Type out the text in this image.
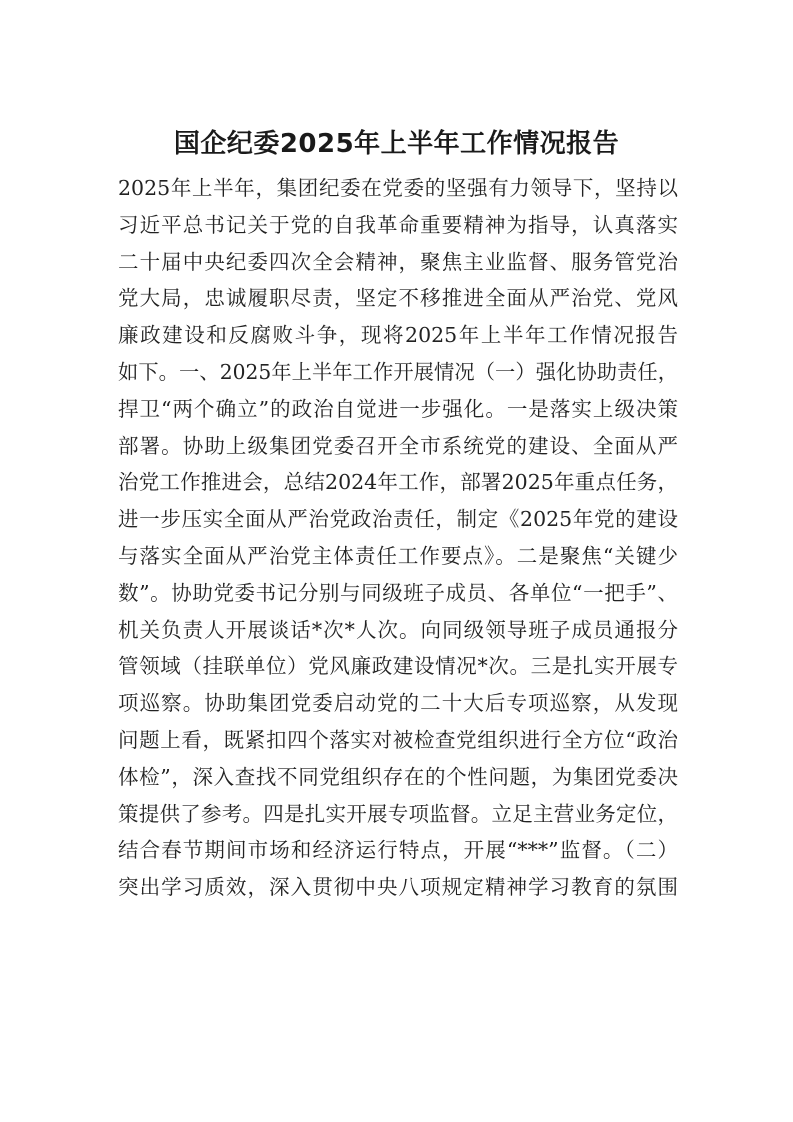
国企纪委2025年上半年工作情况报告
2025年上半年，集团纪委在党委的坚强有力领导下，坚持以
习近平总书记关于党的自我革命重要精神为指导，认真落实
二十届中央纪委四次全会精神，聚焦主业监督、服务管党治
党大局，忠诚履职尽责，坚定不移推进全面从严治党、党风
廉政建设和反腐败斗争，现将2025年上半年工作情况报告
如下。一、2025年上半年工作开展情况（一）强化协助责任，
捍卫“两个确立”的政治自觉进一步强化。一是落实上级决策
部署。协助上级集团党委召开全市系统党的建设、全面从严
治党工作推进会，总结2024年工作，部署2025年重点任务，
进一步压实全面从严治党政治责任，制定《2025年党的建设
与落实全面从严治党主体责任工作要点》。二是聚焦“关键少
数”。协助党委书记分别与同级班子成员、各单位“一把手”、
机关负责人开展谈话*次*人次。向同级领导班子成员通报分
管领域（挂联单位）党风廉政建设情况*次。三是扎实开展专
项巡察。协助集团党委启动党的二十大后专项巡察，从发现
问题上看，既紧扣四个落实对被检查党组织进行全方位“政治
体检”，深入查找不同党组织存在的个性问题，为集团党委决
策提供了参考。四是扎实开展专项监督。立足主营业务定位，
结合春节期间市场和经济运行特点，开展“***”监督。（二）
突出学习质效，深入贯彻中央八项规定精神学习教育的氛围
